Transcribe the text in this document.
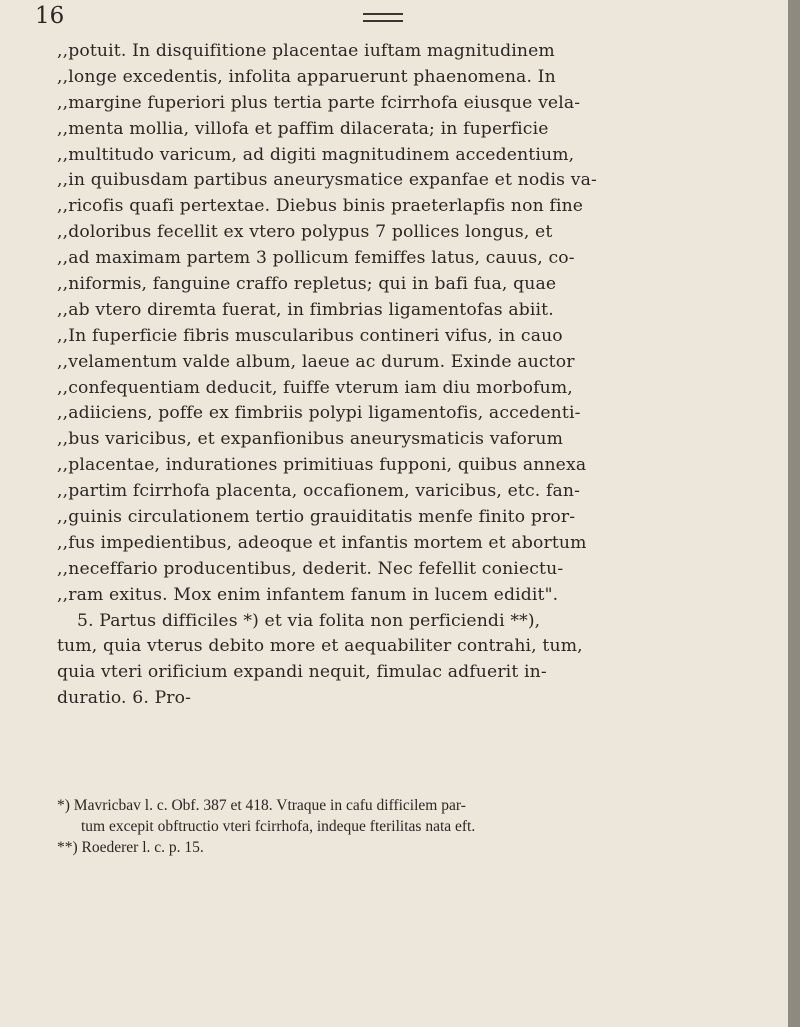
16
,,potuit. In disquifitione placentae iuftam magnitudinem
,,longe excedentis, infolita apparuerunt phaenomena. In
,,margine fuperiori plus tertia parte fcirrhofa eiusque vela-
,,menta mollia, villofa et paffim dilacerata; in fuperficie
,,multitudo varicum, ad digiti magnitudinem accedentium,
,,in quibusdam partibus aneurysmatice expanfae et nodis va-
,,ricofis quafi pertextae. Diebus binis praeterlapfis non fine
,,doloribus fecellit ex vtero polypus 7 pollices longus, et
,,ad maximam partem 3 pollicum femiffes latus, cauus, co-
,,niformis, fanguine craffo repletus; qui in bafi fua, quae
,,ab vtero diremta fuerat, in fimbrias ligamentofas abiit.
,,In fuperficie fibris muscularibus contineri vifus, in cauo
,,velamentum valde album, laeue ac durum. Exinde auctor
,,confequentiam deducit, fuiffe vterum iam diu morbofum,
,,adiiciens, poffe ex fimbriis polypi ligamentofis, accedenti-
,,bus varicibus, et expanfionibus aneurysmaticis vaforum
,,placentae, indurationes primitiuas fupponi, quibus annexa
,,partim fcirrhofa placenta, occafionem, varicibus, etc. fan-
,,guinis circulationem tertio grauiditatis menfe finito pror-
,,fus impedientibus, adeoque et infantis mortem et abortum
,,neceffario producentibus, dederit. Nec fefellit coniectu-
,,ram exitus. Mox enim infantem fanum in lucem edidit".
5. Partus difficiles *) et via folita non perficiendi **),
tum, quia vterus debito more et aequabiliter contrahi, tum,
quia vteri orificium expandi nequit, fimulac adfuerit in-
duratio. 6. Pro-
*) Mavricbav l. c. Obf. 387 et 418. Vtraque in cafu difficilem par-
tum excepit obftructio vteri fcirrhofa, indeque fterilitas nata eft.
**) Roederer l. c. p. 15.
